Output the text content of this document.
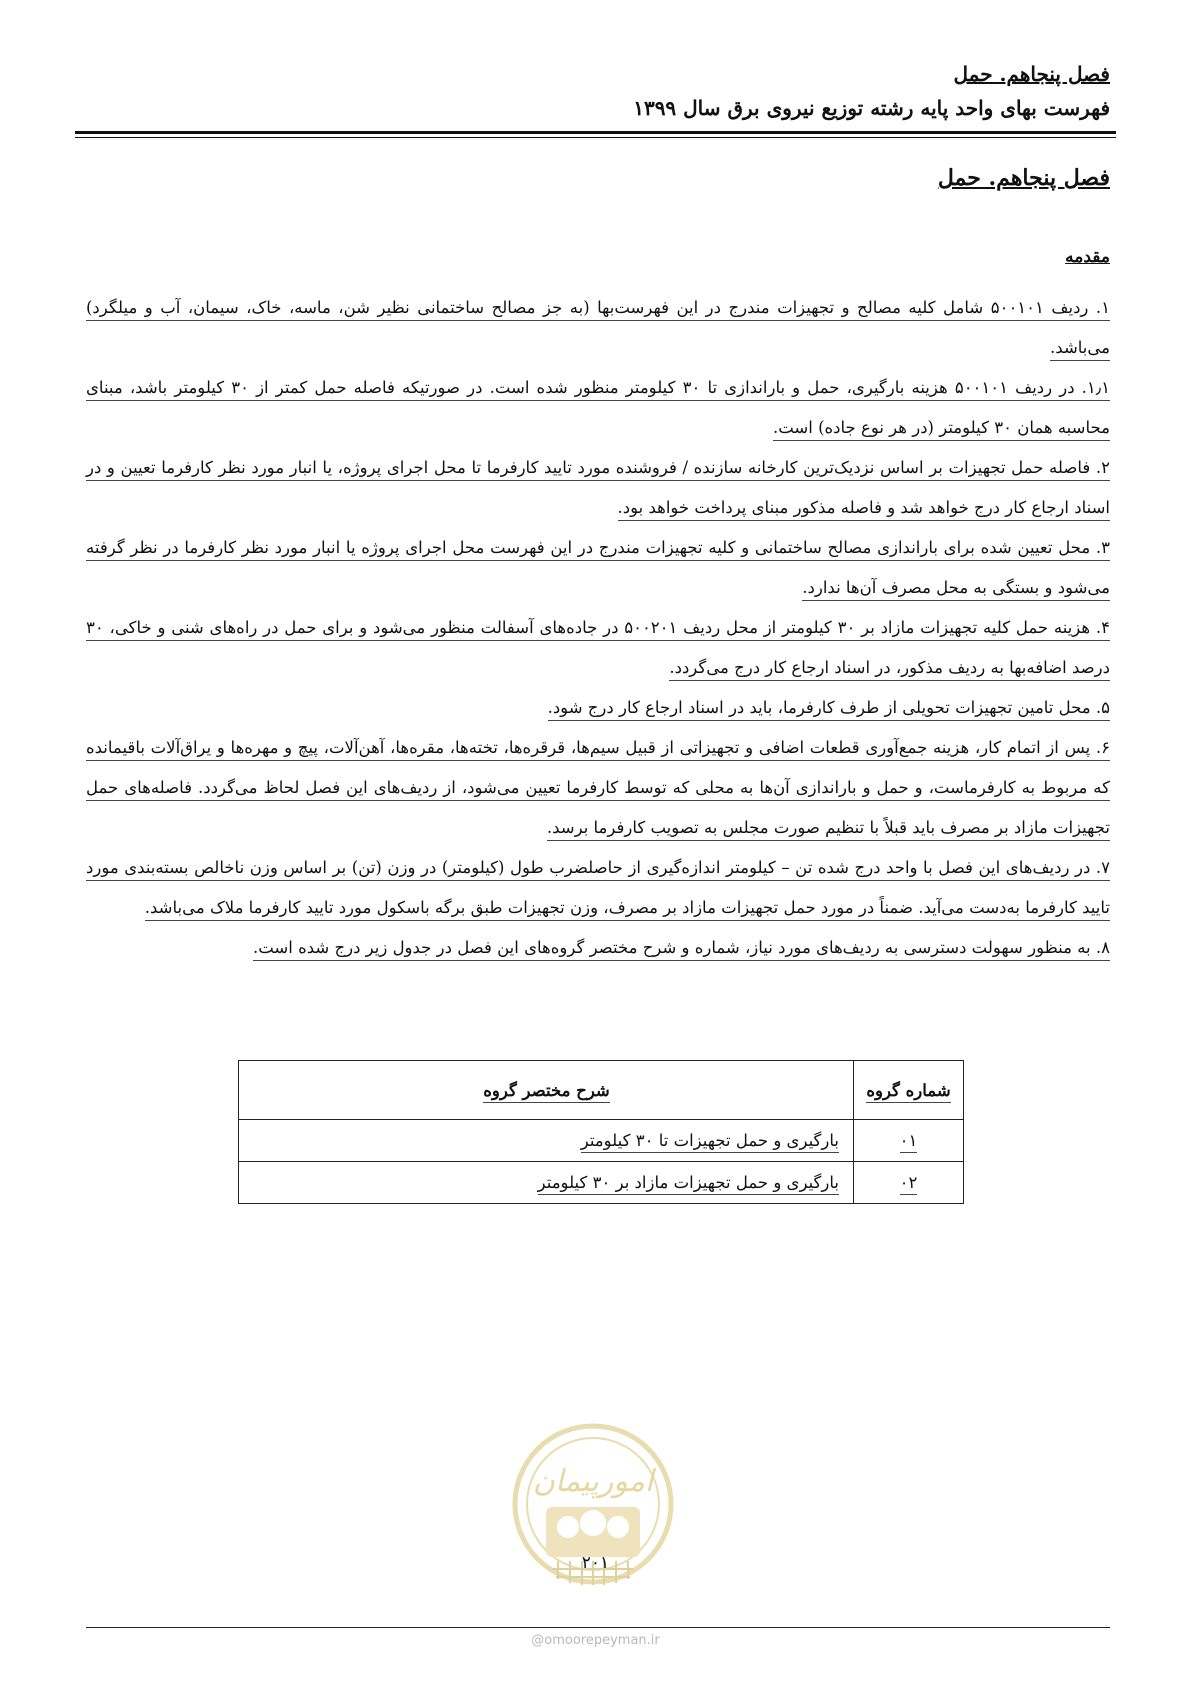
فصل پنجاهم. حمل
فهرست بهای واحد پایه رشته توزیع نیروی برق سال ۱۳۹۹
فصل پنجاهم. حمل
مقدمه

۱. ردیف ۵۰۰۱۰۱ شامل کلیه مصالح و تجهیزات مندرج در این فهرست‌بها (به جز مصالح ساختمانی نظیر شن، ماسه، خاک، سیمان، آب و میلگرد) می‌باشد.

۱٫۱. در ردیف ۵۰۰۱۰۱ هزینه بارگیری، حمل و باراندازی تا ۳۰ کیلومتر منظور شده است. در صورتیکه فاصله حمل کمتر از ۳۰ کیلومتر باشد، مبنای محاسبه همان ۳۰ کیلومتر (در هر نوع جاده) است.

۲. فاصله حمل تجهیزات بر اساس نزدیک‌ترین کارخانه سازنده / فروشنده مورد تایید کارفرما تا محل اجرای پروژه، یا انبار مورد نظر کارفرما تعیین و در اسناد ارجاع کار درج خواهد شد و فاصله مذکور مبنای پرداخت خواهد بود.

۳. محل تعیین شده برای باراندازی مصالح ساختمانی و کلیه تجهیزات مندرج در این فهرست محل اجرای پروژه یا انبار مورد نظر کارفرما در نظر گرفته می‌شود و بستگی به محل مصرف آن‌ها ندارد.

۴. هزینه حمل کلیه تجهیزات مازاد بر ۳۰ کیلومتر از محل ردیف ۵۰۰۲۰۱ در جاده‌های آسفالت منظور می‌شود و برای حمل در راه‌های شنی و خاکی، ۳۰ درصد اضافه‌بها به ردیف مذکور، در اسناد ارجاع کار درج می‌گردد.

۵. محل تامین تجهیزات تحویلی از طرف کارفرما، باید در اسناد ارجاع کار درج شود.

۶. پس از اتمام کار، هزینه جمع‌آوری قطعات اضافی و تجهیزاتی از قبیل سیم‌ها، قرقره‌ها، تخته‌ها، مقره‌ها، آهن‌آلات، پیچ و مهره‌ها و یراق‌آلات باقیمانده که مربوط به کارفرماست، و حمل و باراندازی آن‌ها به محلی که توسط کارفرما تعیین می‌شود، از ردیف‌های این فصل لحاظ می‌گردد. فاصله‌های حمل تجهیزات مازاد بر مصرف باید قبلاً با تنظیم صورت مجلس به تصویب کارفرما برسد.

۷. در ردیف‌های این فصل با واحد درج شده تن – کیلومتر اندازه‌گیری از حاصلضرب طول (کیلومتر) در وزن (تن) بر اساس وزن ناخالص بسته‌بندی مورد تایید کارفرما به‌دست می‌آید. ضمناً در مورد حمل تجهیزات مازاد بر مصرف، وزن تجهیزات طبق برگه باسکول مورد تایید کارفرما ملاک می‌باشد.

۸. به منظور سهولت دسترسی به ردیف‌های مورد نیاز، شماره و شرح مختصر گروه‌های این فصل در جدول زیر درج شده است.

شماره گروه	شرح مختصر گروه
۰۱	بارگیری و حمل تجهیزات تا ۳۰ کیلومتر
۰۲	بارگیری و حمل تجهیزات مازاد بر ۳۰ کیلومتر
امورپیمان
۲۰۱
@omoorepeyman.ir
